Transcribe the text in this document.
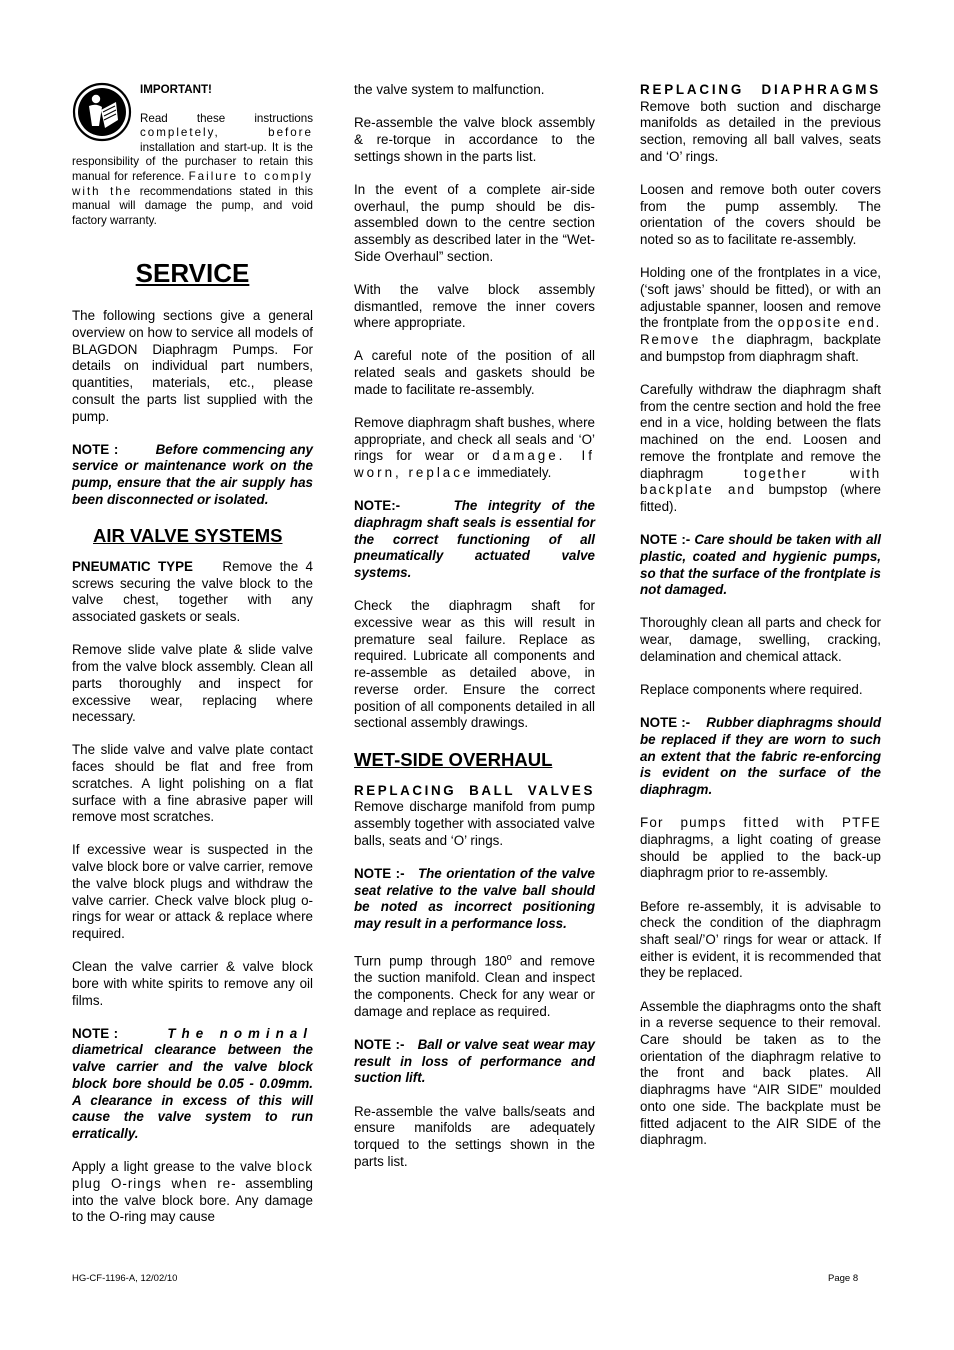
IMPORTANT!
Read these instructions completely, before installation and start-up. It is the responsibility of the purchaser to retain this manual for reference. Failure to comply with the recommendations stated in this manual will damage the pump, and void factory warranty.
SERVICE

The following sections give a general overview on how to service all models of BLAGDON Diaphragm Pumps. For details on individual part numbers, quantities, materials, etc., please consult the parts list supplied with the pump.

NOTE :	Before commencing any service or maintenance work on the pump, ensure that the air supply has been disconnected or isolated.

AIR VALVE SYSTEMS

PNEUMATIC TYPE Remove the 4 screws securing the valve block to the valve chest, together with any associated gaskets or seals.

Remove slide valve plate & slide valve from the valve block assembly. Clean all parts thoroughly and inspect for excessive wear, replacing where necessary.

The slide valve and valve plate contact faces should be flat and free from scratches. A light polishing on a flat surface with a fine abrasive paper will remove most scratches.

If excessive wear is suspected in the valve block bore or valve carrier, remove the valve block plugs and withdraw the valve carrier. Check valve block plug o-rings for wear or attack & replace where required.

Clean the valve carrier & valve block bore with white spirits to remove any oil films.

NOTE :	The nominal diametrical clearance between the valve carrier and the valve block block bore should be 0.05 - 0.09mm. A clearance in excess of this will cause the valve system to run erratically.

Apply a light grease to the valve block plug O-rings when re- assembling into the valve block bore. Any damage to the O-ring may cause

the valve system to malfunction.

Re-assemble the valve block assembly & re-torque in accordance to the settings shown in the parts list.

In the event of a complete air-side overhaul, the pump should be dis-assembled down to the centre section assembly as described later in the “Wet-Side Overhaul” section.

With the valve block assembly dismantled, remove the inner covers where appropriate.

A careful note of the position of all related seals and gaskets should be made to facilitate re-assembly.

Remove diaphragm shaft bushes, where appropriate, and check all seals and ‘O’ rings for wear or damage. If worn, replace immediately.

NOTE:-	The integrity of the diaphragm shaft seals is essential for the correct functioning of all pneumatically actuated valve systems.

Check the diaphragm shaft for excessive wear as this will result in premature seal failure. Replace as required. Lubricate all components and re-assemble as detailed above, in reverse order. Ensure the correct position of all components detailed in all sectional assembly drawings.

WET-SIDE OVERHAUL

REPLACING BALL VALVES Remove discharge manifold from pump assembly together with associated valve balls, seats and ‘O’ rings.

NOTE :- The orientation of the valve seat relative to the valve ball should be noted as incorrect positioning may result in a performance loss.

Turn pump through 180$^o$ and remove the suction manifold. Clean and inspect the components. Check for any wear or damage and replace as required.

NOTE :- Ball or valve seat wear may result in loss of performance and suction lift.

Re-assemble the valve balls/seats and ensure manifolds are adequately torqued to the settings shown in the parts list.

REPLACING DIAPHRAGMS Remove both suction and discharge manifolds as detailed in the previous section, removing all ball valves, seats and ‘O’ rings.

Loosen and remove both outer covers from the pump assembly. The orientation of the covers should be noted so as to facilitate re-assembly.

Holding one of the frontplates in a vice, (‘soft jaws’ should be fitted), or with an adjustable spanner, loosen and remove the frontplate from the opposite end. Remove the diaphragm, backplate and bumpstop from diaphragm shaft.

Carefully withdraw the diaphragm shaft from the centre section and hold the free end in a vice, holding between the flats machined on the end. Loosen and remove the frontplate and remove the diaphragm	together with backplate and bumpstop (where fitted).

NOTE :- Care should be taken with all plastic, coated and hygienic pumps, so that the surface of the frontplate is not damaged.

Thoroughly clean all parts and check for wear, damage, swelling, cracking, delamination and chemical attack.

Replace components where required.

NOTE :- Rubber diaphragms should be replaced if they are worn to such an extent that the fabric re-enforcing is evident on the surface of the diaphragm.

For pumps fitted with PTFE diaphragms, a light coating of grease should be applied to the back-up diaphragm prior to re-assembly.

Before re-assembly, it is advisable to check the condition of the diaphragm shaft seal/’O’ rings for wear or attack. If either is evident, it is recommended that they be replaced.

Assemble the diaphragms onto the shaft in a reverse sequence to their removal. Care should be taken as to the orientation of the diaphragm relative to the front and back plates. All diaphragms have “AIR SIDE” moulded onto one side. The backplate must be fitted adjacent to the AIR SIDE of the diaphragm.

HG-CF-1196-A, 12/02/10	Page 8
